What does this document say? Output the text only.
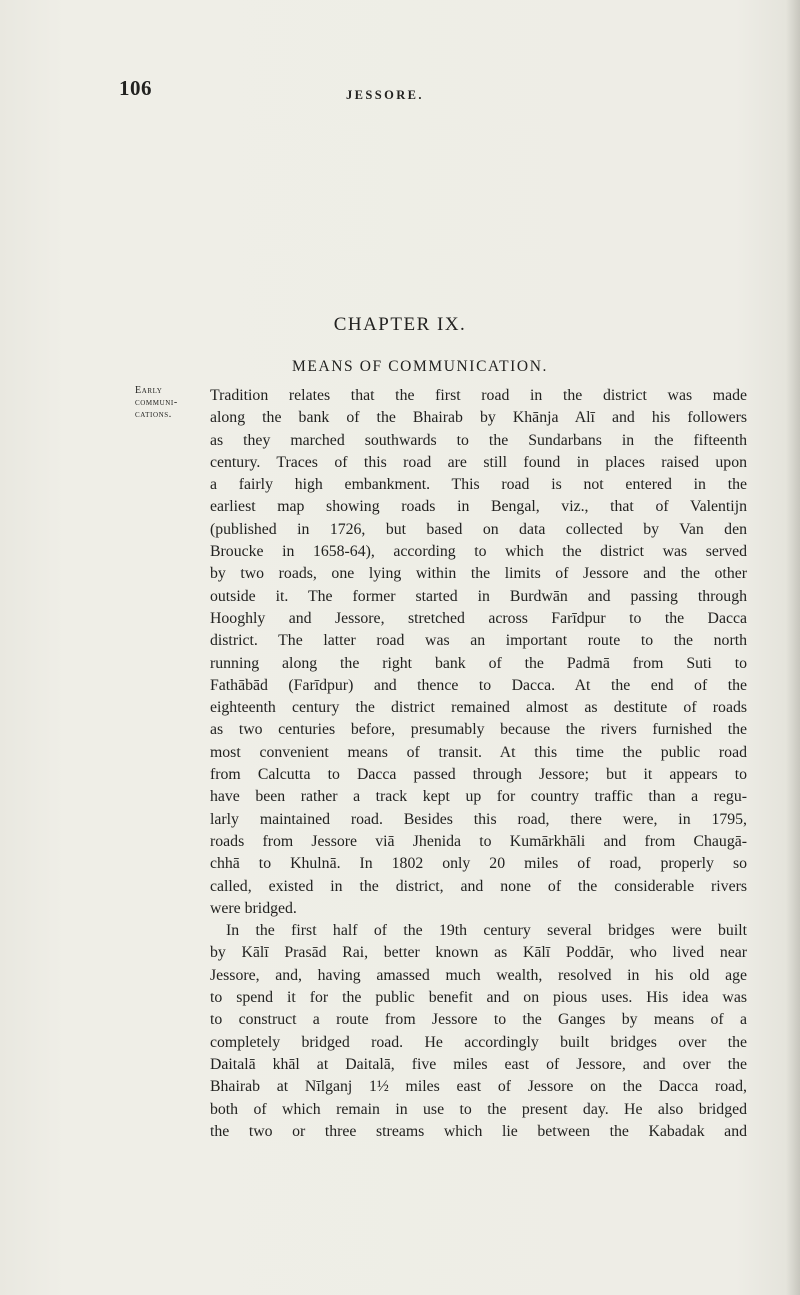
106	JESSORE.
CHAPTER IX.
MEANS OF COMMUNICATION.
Early
communi-
cations.
Tradition relates that the first road in the district was made
along the bank of the Bhairab by Khānja Alī and his followers
as they marched southwards to the Sundarbans in the fifteenth
century. Traces of this road are still found in places raised upon
a fairly high embankment. This road is not entered in the
earliest map showing roads in Bengal, viz., that of Valentijn
(published in 1726, but based on data collected by Van den
Broucke in 1658-64), according to which the district was served
by two roads, one lying within the limits of Jessore and the other
outside it. The former started in Burdwān and passing through
Hooghly and Jessore, stretched across Farīdpur to the Dacca
district. The latter road was an important route to the north
running along the right bank of the Padmā from Suti to
Fathābād (Farīdpur) and thence to Dacca. At the end of the
eighteenth century the district remained almost as destitute of roads
as two centuries before, presumably because the rivers furnished the
most convenient means of transit. At this time the public road
from Calcutta to Dacca passed through Jessore; but it appears to
have been rather a track kept up for country traffic than a regu-
larly maintained road. Besides this road, there were, in 1795,
roads from Jessore viā Jhenida to Kumārkhāli and from Chaugā-
chhā to Khulnā. In 1802 only 20 miles of road, properly so
called, existed in the district, and none of the considerable rivers
were bridged.
In the first half of the 19th century several bridges were built
by Kālī Prasād Rai, better known as Kālī Poddār, who lived near
Jessore, and, having amassed much wealth, resolved in his old age
to spend it for the public benefit and on pious uses. His idea was
to construct a route from Jessore to the Ganges by means of a
completely bridged road. He accordingly built bridges over the
Daitalā khāl at Daitalā, five miles east of Jessore, and over the
Bhairab at Nīlganj 1½ miles east of Jessore on the Dacca road,
both of which remain in use to the present day. He also bridged
the two or three streams which lie between the Kabadak and
